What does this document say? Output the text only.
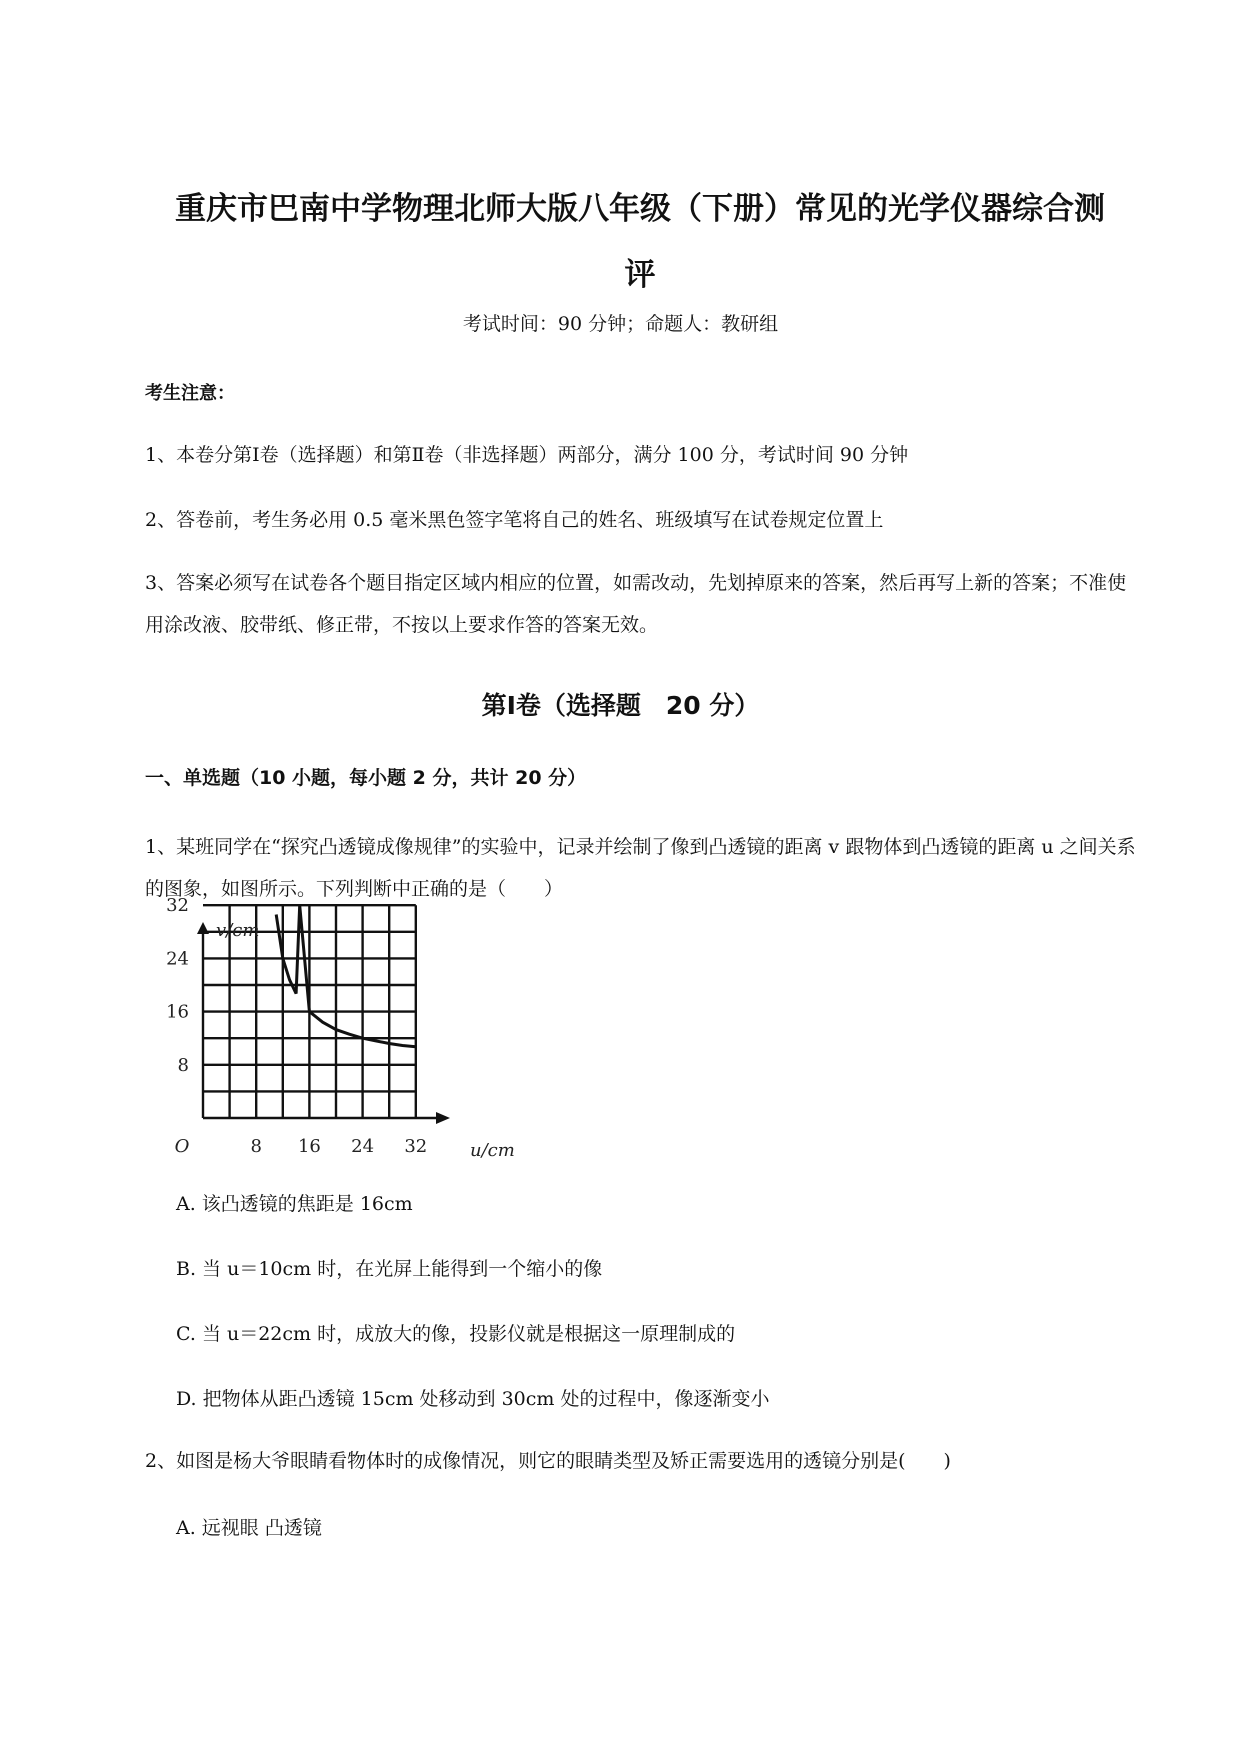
重庆市巴南中学物理北师大版八年级（下册）常见的光学仪器综合测
评

考试时间：90 分钟；命题人：教研组
考生注意：

1、本卷分第Ⅰ卷（选择题）和第Ⅱ卷（非选择题）两部分，满分 100 分，考试时间 90 分钟

2、答卷前，考生务必用 0.5 毫米黑色签字笔将自己的姓名、班级填写在试卷规定位置上

3、答案必须写在试卷各个题目指定区域内相应的位置，如需改动，先划掉原来的答案，然后再写上新的答案；不准使用涂改液、胶带纸、修正带，不按以上要求作答的答案无效。

第Ⅰ卷（选择题　20 分）
一、单选题（10 小题，每小题 2 分，共计 20 分）

1、某班同学在“探究凸透镜成像规律”的实验中，记录并绘制了像到凸透镜的距离 v 跟物体到凸透镜的距离 u 之间关系的图象，如图所示。下列判断中正确的是（　　）

8 16 24 32
8
16
24
32
O
v/cm
u/cm
A. 该凸透镜的焦距是 16cm
B. 当 u＝10cm 时，在光屏上能得到一个缩小的像
C. 当 u＝22cm 时，成放大的像，投影仪就是根据这一原理制成的
D. 把物体从距凸透镜 15cm 处移动到 30cm 处的过程中，像逐渐变小

2、如图是杨大爷眼睛看物体时的成像情况，则它的眼睛类型及矫正需要选用的透镜分别是(　　)

A. 远视眼 凸透镜
